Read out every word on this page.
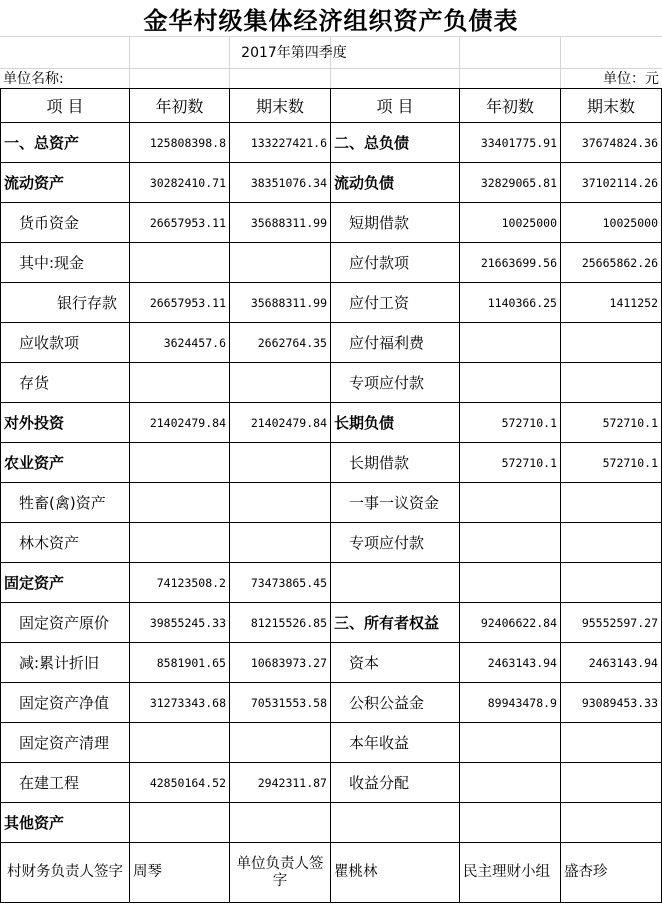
金华村级集体经济组织资产负债表
2017年第四季度
单位名称:	单位：元
项 目	年初数	期末数	项 目	年初数	期末数
一、总资产	125808398.8	133227421.6	二、总负债	33401775.91	37674824.36
流动资产	30282410.71	38351076.34	流动负债	32829065.81	37102114.26
货币资金	26657953.11	35688311.99	短期借款	10025000	10025000
其中:现金			应付款项	21663699.56	25665862.26
银行存款	26657953.11	35688311.99	应付工资	1140366.25	1411252
应收款项	3624457.6	2662764.35	应付福利费		
存货			专项应付款		
对外投资	21402479.84	21402479.84	长期负债	572710.1	572710.1
农业资产			长期借款	572710.1	572710.1
牲畜(禽)资产			一事一议资金		
林木资产			专项应付款		
固定资产	74123508.2	73473865.45			
固定资产原价	39855245.33	81215526.85	三、所有者权益	92406622.84	95552597.27
减:累计折旧	8581901.65	10683973.27	资本	2463143.94	2463143.94
固定资产净值	31273343.68	70531553.58	公积公益金	89943478.9	93089453.33
固定资产清理			本年收益		
在建工程	42850164.52	2942311.87	收益分配		
其他资产					
村财务负责人签字	周琴	单位负责人签 字	瞿桃林	民主理财小组	盛杏珍
